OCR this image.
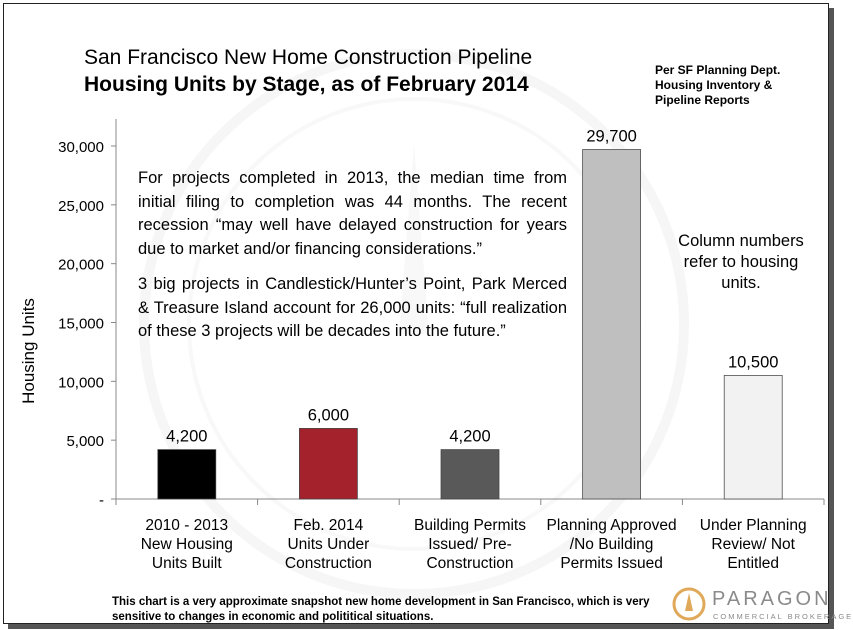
-
5,000
10,000
15,000
20,000
25,000
30,000
Housing Units
4,200
2010 - 2013
New Housing
Units Built
6,000
Feb. 2014
Units Under
Construction
4,200
Building Permits
Issued/ Pre-
Construction
29,700
Planning Approved
/No Building
Permits Issued
10,500
Under Planning
Review/ Not
Entitled
San Francisco New Home Construction Pipeline
Housing Units by Stage, as of February 2014
Per SF Planning Dept. Housing Inventory & Pipeline Reports

For projects completed in 2013, the median time from initial filing to completion was 44 months. The recent recession “may well have delayed construction for years due to market and/or financing considerations.”

3 big projects in Candlestick/Hunter’s Point, Park Merced & Treasure Island account for 26,000 units: “full realization of these 3 projects will be decades into the future.”

Column numbers refer to housing units.
This chart is a very approximate snapshot new home development in San Francisco, which is very sensitive to changes in economic and polititical situations.
PARAGON
COMMERCIAL BROKERAGE
